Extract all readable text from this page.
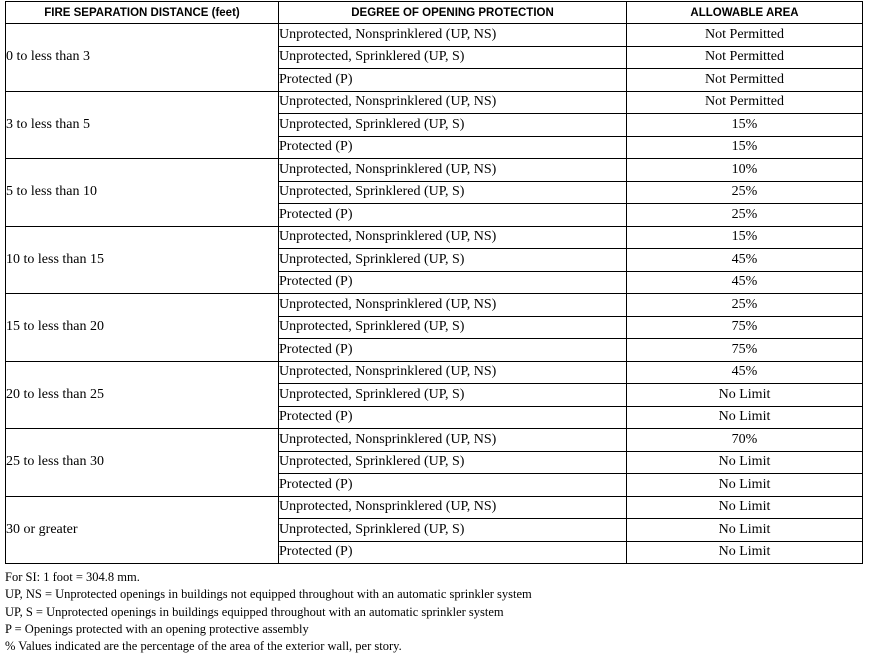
FIRE SEPARATION DISTANCE (feet)	DEGREE OF OPENING PROTECTION	ALLOWABLE AREA
0 to less than 3	Unprotected, Nonsprinklered (UP, NS)	Not Permitted
	Unprotected, Sprinklered (UP, S)	Not Permitted
	Protected (P)	Not Permitted
3 to less than 5	Unprotected, Nonsprinklered (UP, NS)	Not Permitted
	Unprotected, Sprinklered (UP, S)	15%
	Protected (P)	15%
5 to less than 10	Unprotected, Nonsprinklered (UP, NS)	10%
	Unprotected, Sprinklered (UP, S)	25%
	Protected (P)	25%
10 to less than 15	Unprotected, Nonsprinklered (UP, NS)	15%
	Unprotected, Sprinklered (UP, S)	45%
	Protected (P)	45%
15 to less than 20	Unprotected, Nonsprinklered (UP, NS)	25%
	Unprotected, Sprinklered (UP, S)	75%
	Protected (P)	75%
20 to less than 25	Unprotected, Nonsprinklered (UP, NS)	45%
	Unprotected, Sprinklered (UP, S)	No Limit
	Protected (P)	No Limit
25 to less than 30	Unprotected, Nonsprinklered (UP, NS)	70%
	Unprotected, Sprinklered (UP, S)	No Limit
	Protected (P)	No Limit
30 or greater	Unprotected, Nonsprinklered (UP, NS)	No Limit
	Unprotected, Sprinklered (UP, S)	No Limit
	Protected (P)	No Limit
For SI: 1 foot = 304.8 mm.
UP, NS = Unprotected openings in buildings not equipped throughout with an automatic sprinkler system
UP, S = Unprotected openings in buildings equipped throughout with an automatic sprinkler system
P = Openings protected with an opening protective assembly
% Values indicated are the percentage of the area of the exterior wall, per story.
